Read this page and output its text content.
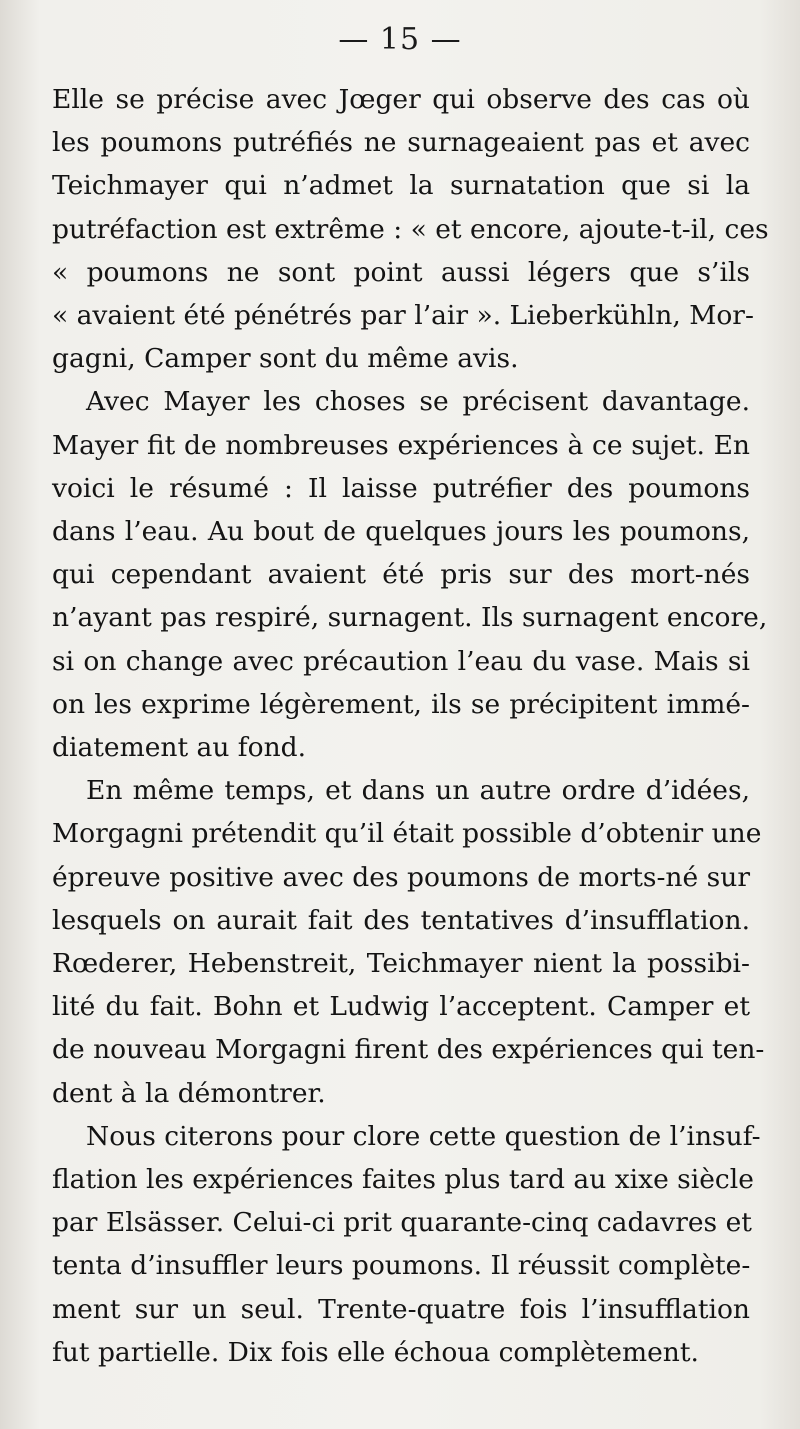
— 15 —

Elle se précise avec Jœger qui observe des cas où
les poumons putréfiés ne surnageaient pas et avec
Teichmayer qui n’admet la surnatation que si la
putréfaction est extrême : « et encore, ajoute-t-il, ces
« poumons ne sont point aussi légers que s’ils
« avaient été pénétrés par l’air ». Lieberkühln, Mor-
gagni, Camper sont du même avis.

Avec Mayer les choses se précisent davantage.
Mayer fit de nombreuses expériences à ce sujet. En
voici le résumé : Il laisse putréfier des poumons
dans l’eau. Au bout de quelques jours les poumons,
qui cependant avaient été pris sur des mort-nés
n’ayant pas respiré, surnagent. Ils surnagent encore,
si on change avec précaution l’eau du vase. Mais si
on les exprime légèrement, ils se précipitent immé-
diatement au fond.

En même temps, et dans un autre ordre d’idées,
Morgagni prétendit qu’il était possible d’obtenir une
épreuve positive avec des poumons de morts-né sur
lesquels on aurait fait des tentatives d’insufflation.
Rœderer, Hebenstreit, Teichmayer nient la possibi-
lité du fait. Bohn et Ludwig l’acceptent. Camper et
de nouveau Morgagni firent des expériences qui ten-
dent à la démontrer.

Nous citerons pour clore cette question de l’insuf-
flation les expériences faites plus tard au xixe siècle
par Elsässer. Celui-ci prit quarante-cinq cadavres et
tenta d’insuffler leurs poumons. Il réussit complète-
ment sur un seul. Trente-quatre fois l’insufflation
fut partielle. Dix fois elle échoua complètement.
